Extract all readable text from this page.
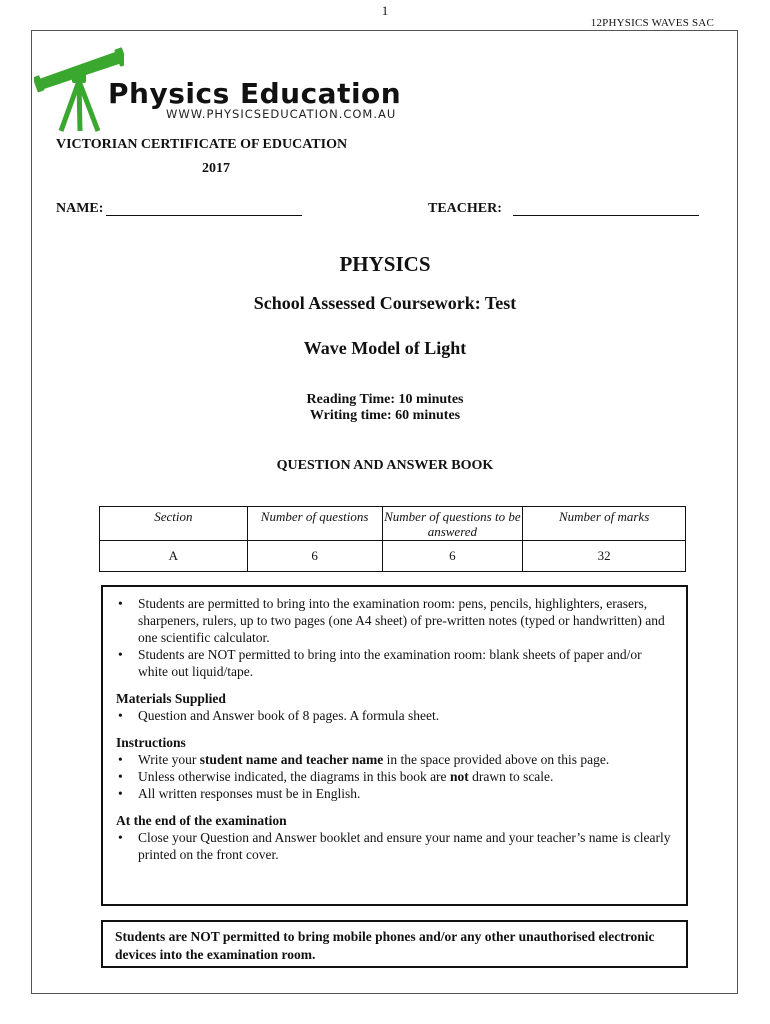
1
12PHYSICS WAVES SAC
Physics Education
WWW.PHYSICSEDUCATION.COM.AU
VICTORIAN CERTIFICATE OF EDUCATION
2017
NAME:	TEACHER:
PHYSICS
School Assessed Coursework: Test
Wave Model of Light
Reading Time: 10 minutes
Writing time: 60 minutes
QUESTION AND ANSWER BOOK
Section	Number of questions	Number of questions to be answered	Number of marks
A	6	6	32
• Students are permitted to bring into the examination room: pens, pencils, highlighters, erasers, sharpeners, rulers, up to two pages (one A4 sheet) of pre-written notes (typed or handwritten) and one scientific calculator.
• Students are NOT permitted to bring into the examination room: blank sheets of paper and/or white out liquid/tape.
Materials Supplied
• Question and Answer book of 8 pages. A formula sheet.
Instructions
• Write your student name and teacher name in the space provided above on this page.
• Unless otherwise indicated, the diagrams in this book are not drawn to scale.
• All written responses must be in English.
At the end of the examination
• Close your Question and Answer booklet and ensure your name and your teacher’s name is clearly printed on the front cover.
Students are NOT permitted to bring mobile phones and/or any other unauthorised electronic devices into the examination room.
